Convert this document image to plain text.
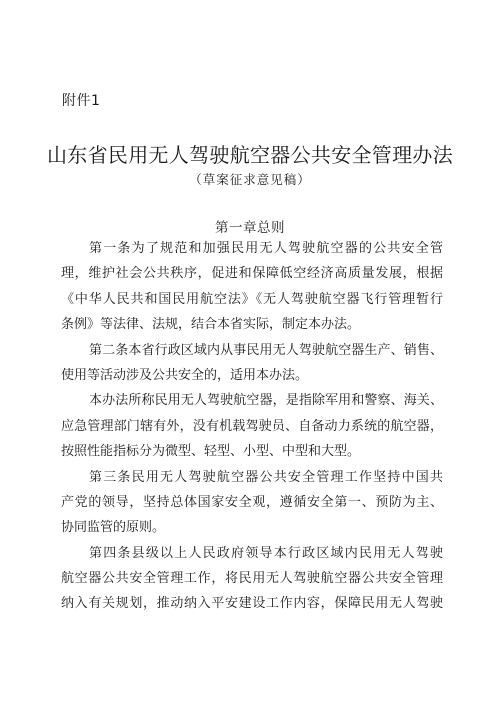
附件1
山东省民用无人驾驶航空器公共安全管理办法
（草案征求意见稿）
第一章总则
第一条为了规范和加强民用无人驾驶航空器的公共安全管
理，维护社会公共秩序，促进和保障低空经济高质量发展，根据
《中华人民共和国民用航空法》《无人驾驶航空器飞行管理暂行
条例》等法律、法规，结合本省实际，制定本办法。
第二条本省行政区域内从事民用无人驾驶航空器生产、销售、
使用等活动涉及公共安全的，适用本办法。
本办法所称民用无人驾驶航空器，是指除军用和警察、海关、
应急管理部门辖有外，没有机载驾驶员、自备动力系统的航空器，
按照性能指标分为微型、轻型、小型、中型和大型。
第三条民用无人驾驶航空器公共安全管理工作坚持中国共
产党的领导，坚持总体国家安全观，遵循安全第一、预防为主、
协同监管的原则。
第四条县级以上人民政府领导本行政区域内民用无人驾驶
航空器公共安全管理工作，将民用无人驾驶航空器公共安全管理
纳入有关规划，推动纳入平安建设工作内容，保障民用无人驾驶
